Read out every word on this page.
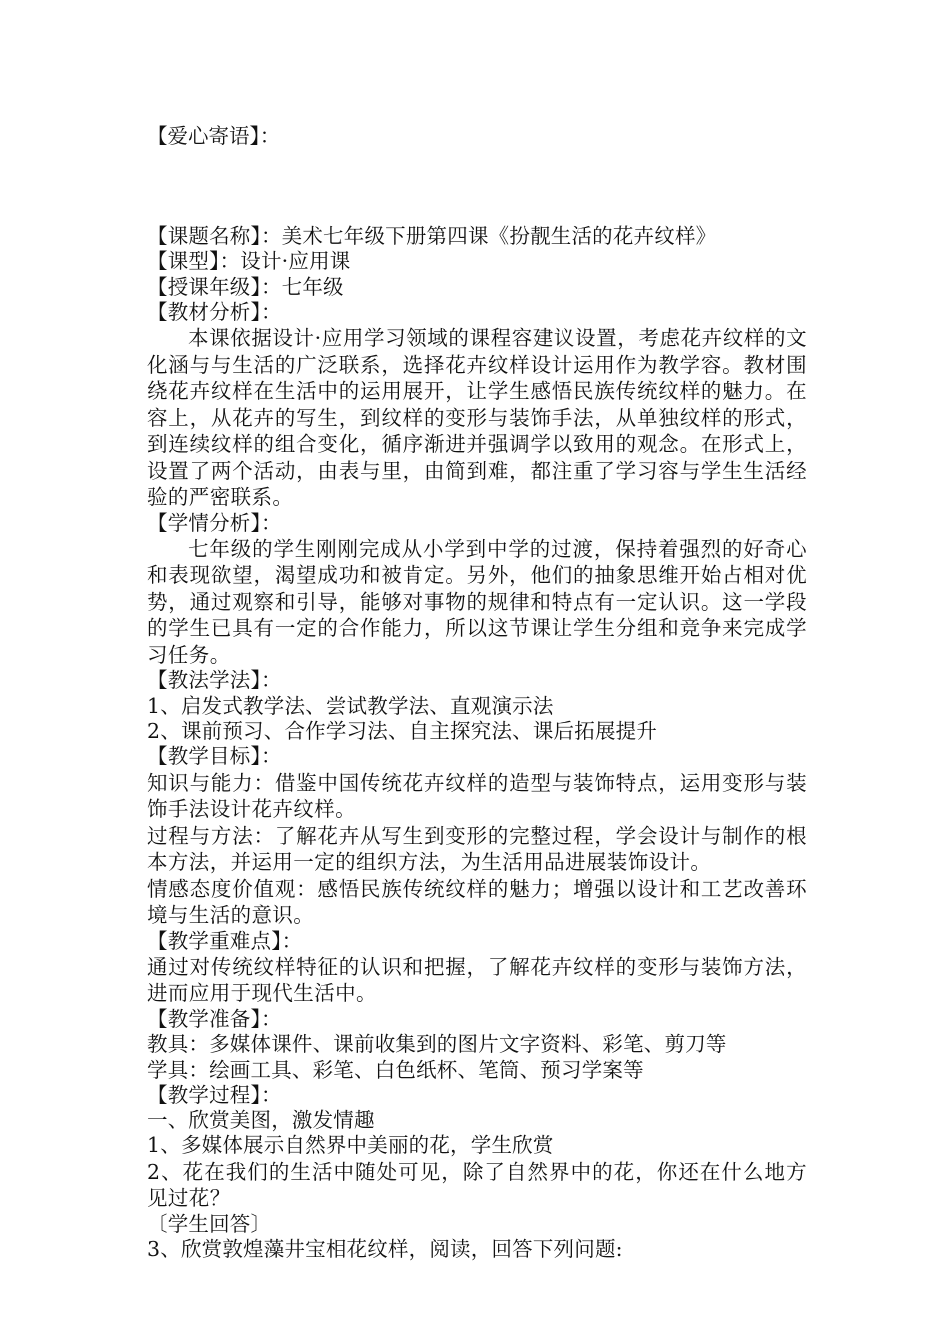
【爱心寄语】：
【课题名称】：美术七年级下册第四课《扮靓生活的花卉纹样》
【课型】：设计·应用课
【授课年级】：七年级
【教材分析】：
本课依据设计·应用学习领域的课程容建议设置，考虑花卉纹样的文化涵与与生活的广泛联系，选择花卉纹样设计运用作为教学容。教材围绕花卉纹样在生活中的运用展开，让学生感悟民族传统纹样的魅力。在容上，从花卉的写生，到纹样的变形与装饰手法，从单独纹样的形式，到连续纹样的组合变化，循序渐进并强调学以致用的观念。在形式上，设置了两个活动，由表与里，由简到难，都注重了学习容与学生生活经验的严密联系。
【学情分析】：
七年级的学生刚刚完成从小学到中学的过渡，保持着强烈的好奇心和表现欲望，渴望成功和被肯定。另外，他们的抽象思维开始占相对优势，通过观察和引导，能够对事物的规律和特点有一定认识。这一学段的学生已具有一定的合作能力，所以这节课让学生分组和竞争来完成学习任务。
【教法学法】：
1、启发式教学法、尝试教学法、直观演示法
2、课前预习、合作学习法、自主探究法、课后拓展提升
【教学目标】：
知识与能力：借鉴中国传统花卉纹样的造型与装饰特点，运用变形与装饰手法设计花卉纹样。
过程与方法：了解花卉从写生到变形的完整过程，学会设计与制作的根本方法，并运用一定的组织方法，为生活用品进展装饰设计。
情感态度价值观：感悟民族传统纹样的魅力；增强以设计和工艺改善环境与生活的意识。
【教学重难点】：
通过对传统纹样特征的认识和把握，了解花卉纹样的变形与装饰方法，进而应用于现代生活中。
【教学准备】：
教具：多媒体课件、课前收集到的图片文字资料、彩笔、剪刀等
学具：绘画工具、彩笔、白色纸杯、笔筒、预习学案等
【教学过程】：
一、欣赏美图，激发情趣
1、多媒体展示自然界中美丽的花，学生欣赏
2、花在我们的生活中随处可见，除了自然界中的花，你还在什么地方见过花？
〔学生回答〕
3、欣赏敦煌藻井宝相花纹样，阅读，回答下列问题:
